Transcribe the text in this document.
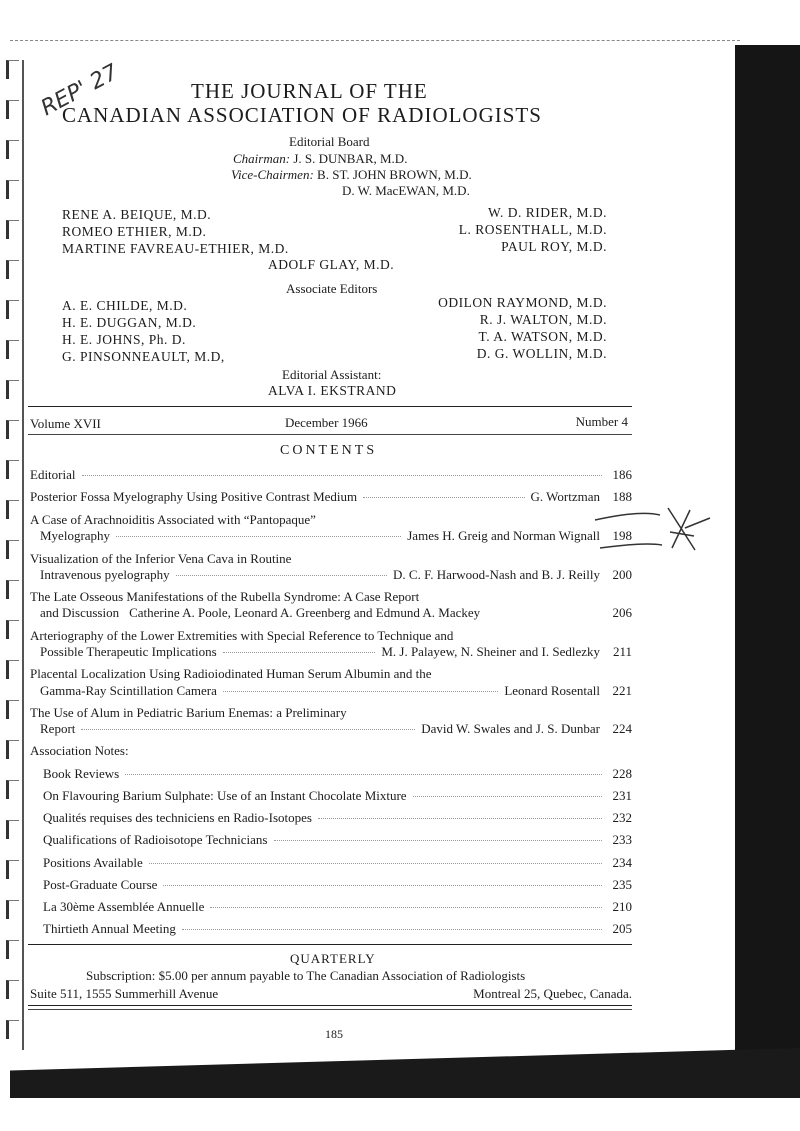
REP' 27	THE JOURNAL OF THE
CANADIAN ASSOCIATION OF RADIOLOGISTS
Editorial Board
Chairman: J. S. DUNBAR, M.D.
Vice-Chairmen: B. ST. JOHN BROWN, M.D.
D. W. MacEWAN, M.D.
RENE A. BEIQUE, M.D.
ROMEO ETHIER, M.D.
MARTINE FAVREAU-ETHIER, M.D.
W. D. RIDER, M.D.
L. ROSENTHALL, M.D.
PAUL ROY, M.D.
ADOLF GLAY, M.D.
Associate Editors
A. E. CHILDE, M.D.
H. E. DUGGAN, M.D.
H. E. JOHNS, Ph. D.
G. PINSONNEAULT, M.D,
ODILON RAYMOND, M.D.
R. J. WALTON, M.D.
T. A. WATSON, M.D.
D. G. WOLLIN, M.D.
Editorial Assistant:
ALVA I. EKSTRAND
Volume XVII	December 1966	Number 4
CONTENTS
Editorial	186
Posterior Fossa Myelography Using Positive Contrast Medium	G. Wortzman 188
A Case of Arachnoiditis Associated with “Pantopaque”
Myelography	James H. Greig and Norman Wignall 198
Visualization of the Inferior Vena Cava in Routine
Intravenous pyelography	D. C. F. Harwood-Nash and B. J. Reilly 200
The Late Osseous Manifestations of the Rubella Syndrome: A Case Report
and Discussion Catherine A. Poole, Leonard A. Greenberg and Edmund A. Mackey	206
Arteriography of the Lower Extremities with Special Reference to Technique and
Possible Therapeutic Implications	M. J. Palayew, N. Sheiner and I. Sedlezky 211
Placental Localization Using Radioiodinated Human Serum Albumin and the
Gamma-Ray Scintillation Camera	Leonard Rosentall 221
The Use of Alum in Pediatric Barium Enemas: a Preliminary
Report	David W. Swales and J. S. Dunbar 224
Association Notes:
Book Reviews	228
On Flavouring Barium Sulphate: Use of an Instant Chocolate Mixture	231
Qualités requises des techniciens en Radio-Isotopes	232
Qualifications of Radioisotope Technicians	233
Positions Available	234
Post-Graduate Course	235
La 30ème Assemblée Annuelle	210
Thirtieth Annual Meeting	205
QUARTERLY
Subscription: $5.00 per annum payable to The Canadian Association of Radiologists
Suite 511, 1555 Summerhill Avenue	Montreal 25, Quebec, Canada.
185
